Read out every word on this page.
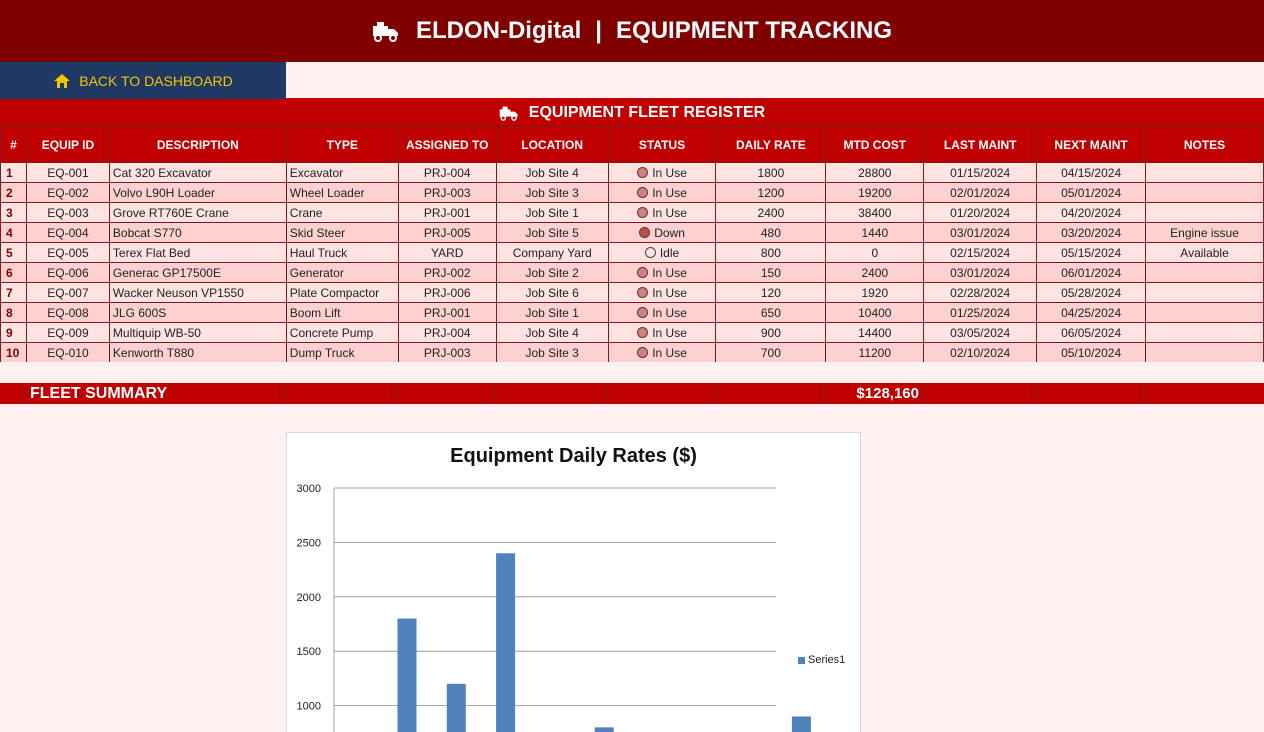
ELDON-Digital | EQUIPMENT TRACKING
BACK TO DASHBOARD
EQUIPMENT FLEET REGISTER
#	EQUIP ID	DESCRIPTION	TYPE	ASSIGNED TO	LOCATION	STATUS	DAILY RATE	MTD COST	LAST MAINT	NEXT MAINT	NOTES
1	EQ-001	Cat 320 Excavator	Excavator	PRJ-004	Job Site 4	In Use	1800	28800	01/15/2024	04/15/2024	
2	EQ-002	Volvo L90H Loader	Wheel Loader	PRJ-003	Job Site 3	In Use	1200	19200	02/01/2024	05/01/2024	
3	EQ-003	Grove RT760E Crane	Crane	PRJ-001	Job Site 1	In Use	2400	38400	01/20/2024	04/20/2024	
4	EQ-004	Bobcat S770	Skid Steer	PRJ-005	Job Site 5	Down	480	1440	03/01/2024	03/20/2024	Engine issue
5	EQ-005	Terex Flat Bed	Haul Truck	YARD	Company Yard	Idle	800	0	02/15/2024	05/15/2024	Available
6	EQ-006	Generac GP17500E	Generator	PRJ-002	Job Site 2	In Use	150	2400	03/01/2024	06/01/2024	
7	EQ-007	Wacker Neuson VP1550	Plate Compactor	PRJ-006	Job Site 6	In Use	120	1920	02/28/2024	05/28/2024	
8	EQ-008	JLG 600S	Boom Lift	PRJ-001	Job Site 1	In Use	650	10400	01/25/2024	04/25/2024	
9	EQ-009	Multiquip WB-50	Concrete Pump	PRJ-004	Job Site 4	In Use	900	14400	03/05/2024	06/05/2024	
10	EQ-010	Kenworth T880	Dump Truck	PRJ-003	Job Site 3	In Use	700	11200	02/10/2024	05/10/2024	
FLEET SUMMARY	$128,160
Equipment Daily Rates ($)
1000
1500
2000
2500
3000
Series1
